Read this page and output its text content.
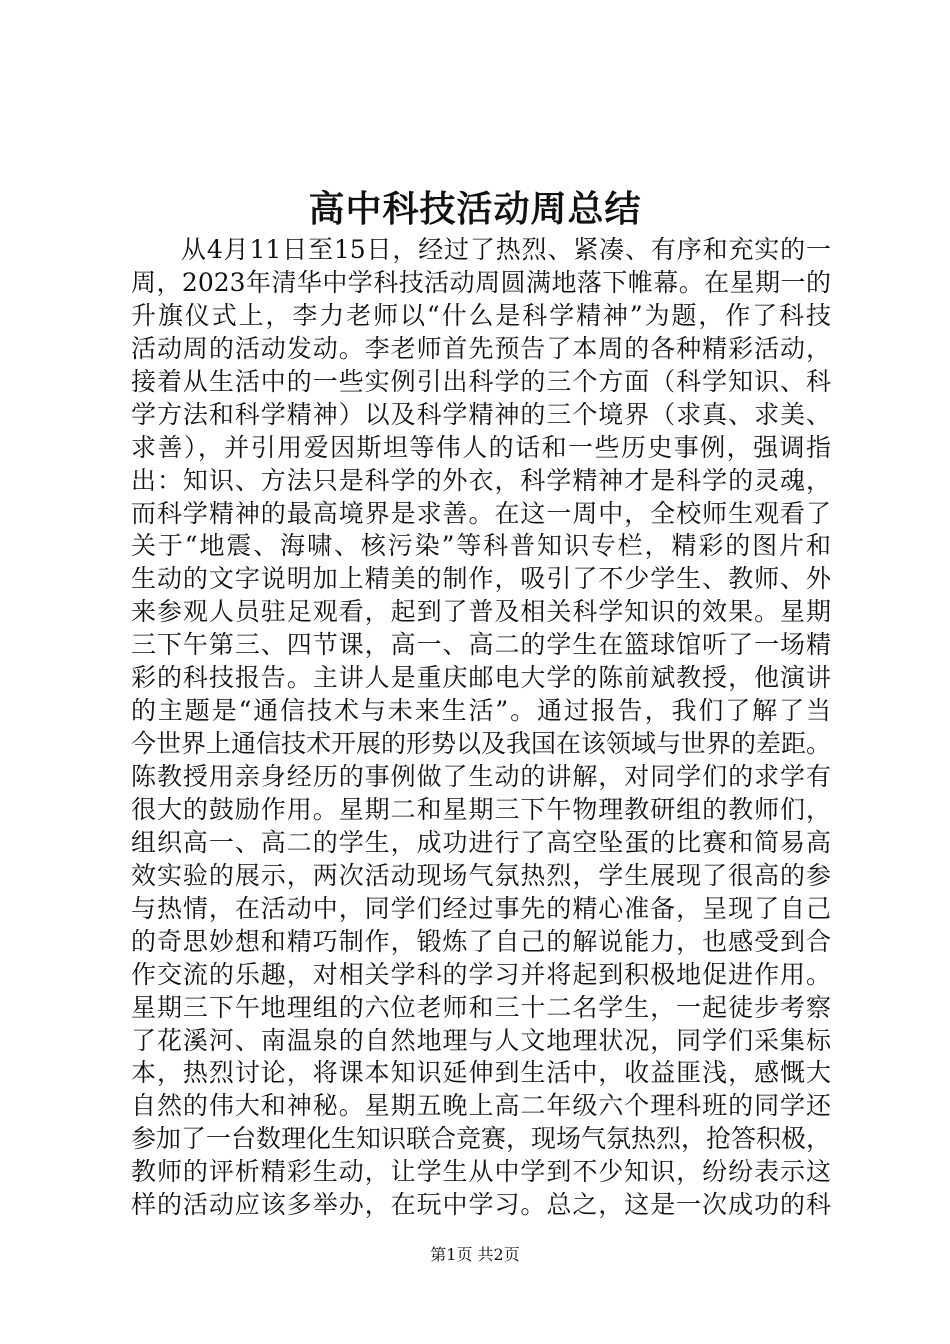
高中科技活动周总结
从4月11日至15日，经过了热烈、紧凑、有序和充实的一
周，2023年清华中学科技活动周圆满地落下帷幕。在星期一的
升旗仪式上，李力老师以“什么是科学精神”为题，作了科技
活动周的活动发动。李老师首先预告了本周的各种精彩活动，
接着从生活中的一些实例引出科学的三个方面（科学知识、科
学方法和科学精神）以及科学精神的三个境界（求真、求美、
求善），并引用爱因斯坦等伟人的话和一些历史事例，强调指
出：知识、方法只是科学的外衣，科学精神才是科学的灵魂，
而科学精神的最高境界是求善。在这一周中，全校师生观看了
关于“地震、海啸、核污染”等科普知识专栏，精彩的图片和
生动的文字说明加上精美的制作，吸引了不少学生、教师、外
来参观人员驻足观看，起到了普及相关科学知识的效果。星期
三下午第三、四节课，高一、高二的学生在篮球馆听了一场精
彩的科技报告。主讲人是重庆邮电大学的陈前斌教授，他演讲
的主题是“通信技术与未来生活”。通过报告，我们了解了当
今世界上通信技术开展的形势以及我国在该领域与世界的差距。
陈教授用亲身经历的事例做了生动的讲解，对同学们的求学有
很大的鼓励作用。星期二和星期三下午物理教研组的教师们，
组织高一、高二的学生，成功进行了高空坠蛋的比赛和简易高
效实验的展示，两次活动现场气氛热烈，学生展现了很高的参
与热情，在活动中，同学们经过事先的精心准备，呈现了自己
的奇思妙想和精巧制作，锻炼了自己的解说能力，也感受到合
作交流的乐趣，对相关学科的学习并将起到积极地促进作用。
星期三下午地理组的六位老师和三十二名学生，一起徒步考察
了花溪河、南温泉的自然地理与人文地理状况，同学们采集标
本，热烈讨论，将课本知识延伸到生活中，收益匪浅，感慨大
自然的伟大和神秘。星期五晚上高二年级六个理科班的同学还
参加了一台数理化生知识联合竞赛，现场气氛热烈，抢答积极，
教师的评析精彩生动，让学生从中学到不少知识，纷纷表示这
样的活动应该多举办，在玩中学习。总之，这是一次成功的科
第1页 共2页
